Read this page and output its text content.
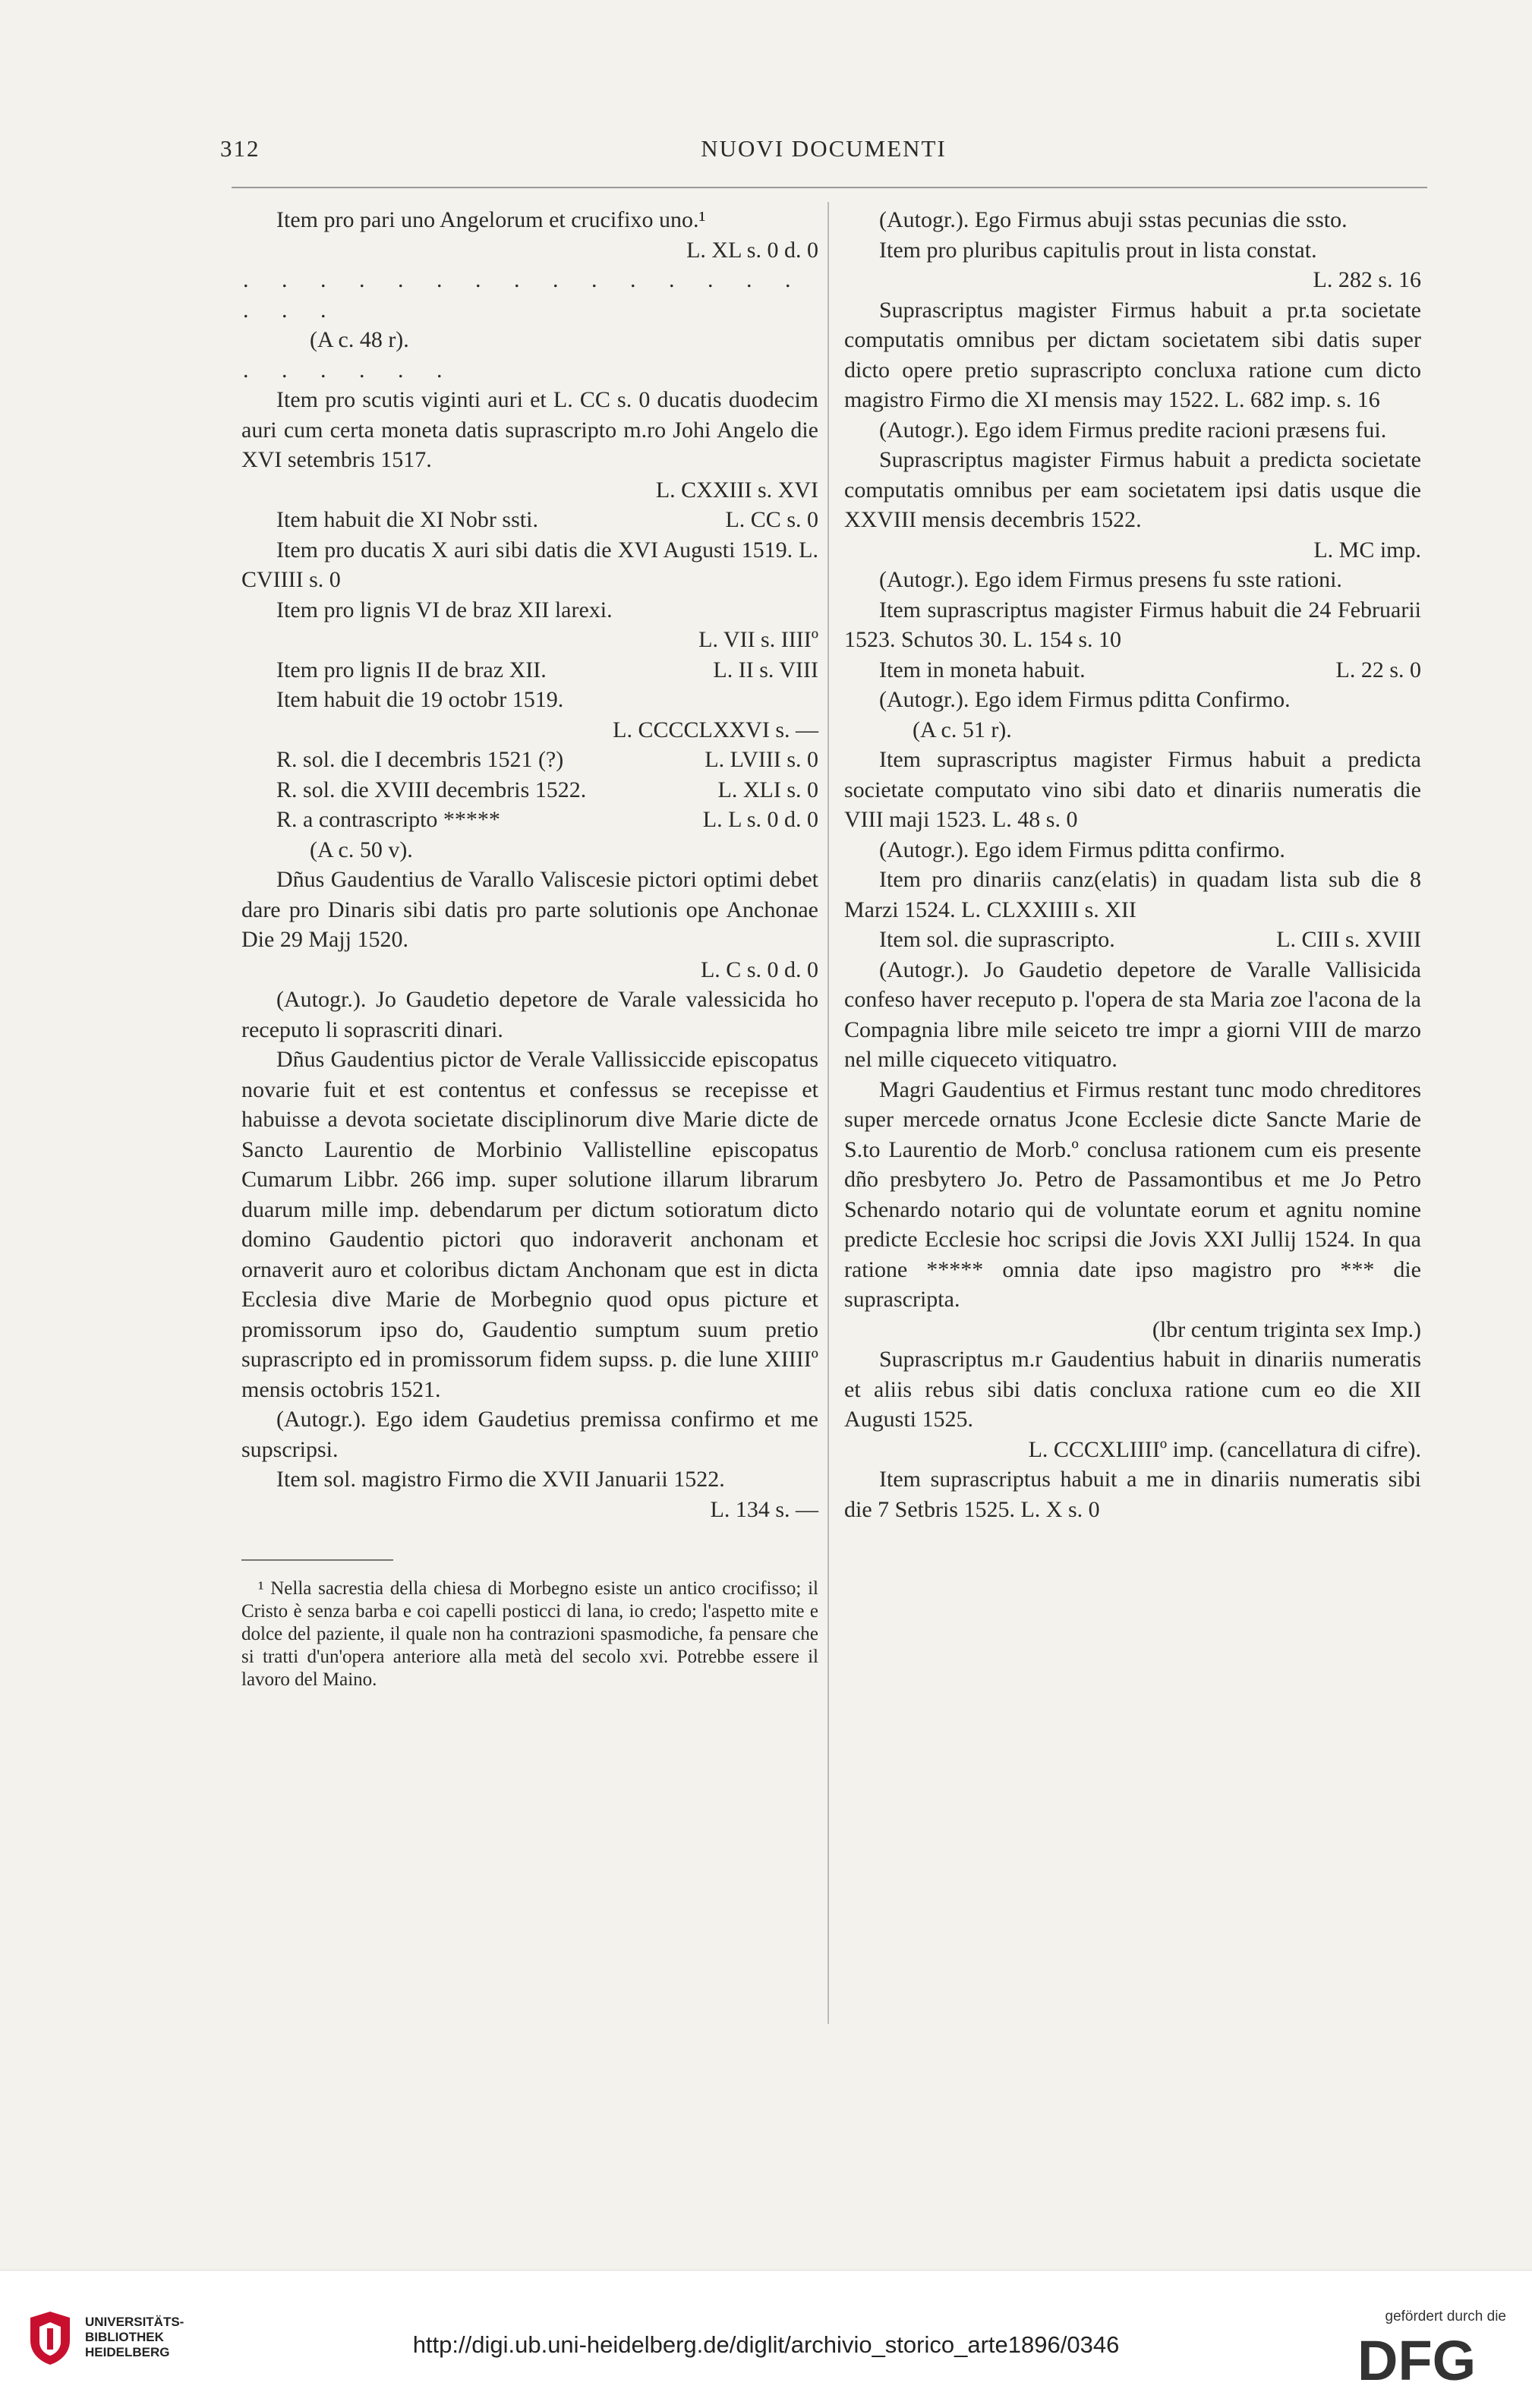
312	NUOVI DOCUMENTI

Item pro pari uno Angelorum et crucifixo uno.¹

L. XL s. 0 d. 0

. . . . . . . . . . . . . . . . . .

(A c. 48 r).

. . . . . .

Item pro scutis viginti auri et L. CC s. 0 ducatis duodecim auri cum certa moneta datis suprascripto m.ro Johi Angelo die XVI setembris 1517.

L. CXXIII s. XVI

Item habuit die XI Nobr ssti.	L. CC s. 0

Item pro ducatis X auri sibi datis die XVI Augusti 1519. L. CVIIII s. 0

Item pro lignis VI de braz XII larexi.

L. VII s. IIIIº

Item pro lignis II de braz XII.	L. II s. VIII

Item habuit die 19 octobr 1519.

L. CCCCLXXVI s. —

R. sol. die I decembris 1521 (?)	L. LVIII s. 0
R. sol. die XVIII decembris 1522.	L. XLI s. 0
R. a contrascripto *****	L. L s. 0 d. 0

(A c. 50 v).

Dñus Gaudentius de Varallo Valiscesie pictori optimi debet dare pro Dinaris sibi datis pro parte solutionis ope Anchonae Die 29 Majj 1520.

L. C s. 0 d. 0

(Autogr.). Jo Gaudetio depetore de Varale valessicida ho receputo li soprascriti dinari.

Dñus Gaudentius pictor de Verale Vallissiccide episcopatus novarie fuit et est contentus et confessus se recepisse et habuisse a devota societate disciplinorum dive Marie dicte de Sancto Laurentio de Morbinio Vallistelline episcopatus Cumarum Libbr. 266 imp. super solutione illarum librarum duarum mille imp. debendarum per dictum sotioratum dicto domino Gaudentio pictori quo indoraverit anchonam et ornaverit auro et coloribus dictam Anchonam que est in dicta Ecclesia dive Marie de Morbegnio quod opus picture et promissorum ipso do, Gaudentio sumptum suum pretio suprascripto ed in promissorum fidem supss. p. die lune XIIIIº mensis octobris 1521.

(Autogr.). Ego idem Gaudetius premissa confirmo et me supscripsi.

Item sol. magistro Firmo die XVII Januarii 1522.

L. 134 s. —

¹ Nella sacrestia della chiesa di Morbegno esiste un antico crocifisso; il Cristo è senza barba e coi capelli posticci di lana, io credo; l'aspetto mite e dolce del paziente, il quale non ha contrazioni spasmodiche, fa pensare che si tratti d'un'opera anteriore alla metà del secolo xvi. Potrebbe essere il lavoro del Maino.

(Autogr.). Ego Firmus abuji sstas pecunias die ssto.

Item pro pluribus capitulis prout in lista constat.

L. 282 s. 16

Suprascriptus magister Firmus habuit a pr.ta societate computatis omnibus per dictam societatem sibi datis super dicto opere pretio suprascripto concluxa ratione cum dicto magistro Firmo die XI mensis may 1522. L. 682 imp. s. 16

(Autogr.). Ego idem Firmus predite racioni præsens fui.

Suprascriptus magister Firmus habuit a predicta societate computatis omnibus per eam societatem ipsi datis usque die XXVIII mensis decembris 1522.

L. MC imp.

(Autogr.). Ego idem Firmus presens fu sste rationi.

Item suprascriptus magister Firmus habuit die 24 Februarii 1523. Schutos 30. L. 154 s. 10

Item in moneta habuit.	L. 22 s. 0

(Autogr.). Ego idem Firmus pditta Confirmo.

(A c. 51 r).

Item suprascriptus magister Firmus habuit a predicta societate computato vino sibi dato et dinariis numeratis die VIII maji 1523. L. 48 s. 0

(Autogr.). Ego idem Firmus pditta confirmo.

Item pro dinariis canz(elatis) in quadam lista sub die 8 Marzi 1524. L. CLXXIIII s. XII

Item sol. die suprascripto.	L. CIII s. XVIII

(Autogr.). Jo Gaudetio depetore de Varalle Vallisicida confeso haver receputo p. l'opera de sta Maria zoe l'acona de la Compagnia libre mile seiceto tre impr a giorni VIII de marzo nel mille ciqueceto vitiquatro.

Magri Gaudentius et Firmus restant tunc modo chreditores super mercede ornatus Jcone Ecclesie dicte Sancte Marie de S.to Laurentio de Morb.º conclusa rationem cum eis presente dño presbytero Jo. Petro de Passamontibus et me Jo Petro Schenardo notario qui de voluntate eorum et agnitu nomine predicte Ecclesie hoc scripsi die Jovis XXI Jullij 1524. In qua ratione ***** omnia date ipso magistro pro *** die suprascripta.

(lbr centum triginta sex Imp.)

Suprascriptus m.r Gaudentius habuit in dinariis numeratis et aliis rebus sibi datis concluxa ratione cum eo die XII Augusti 1525.

L. CCCXLIIIIº imp. (cancellatura di cifre).

Item suprascriptus habuit a me in dinariis numeratis sibi die 7 Setbris 1525. L. X s. 0

UNIVERSITÄTS-
BIBLIOTHEK
HEIDELBERG	http://digi.ub.uni-heidelberg.de/diglit/archivio_storico_arte1896/0346
gefördert durch die
DFG
